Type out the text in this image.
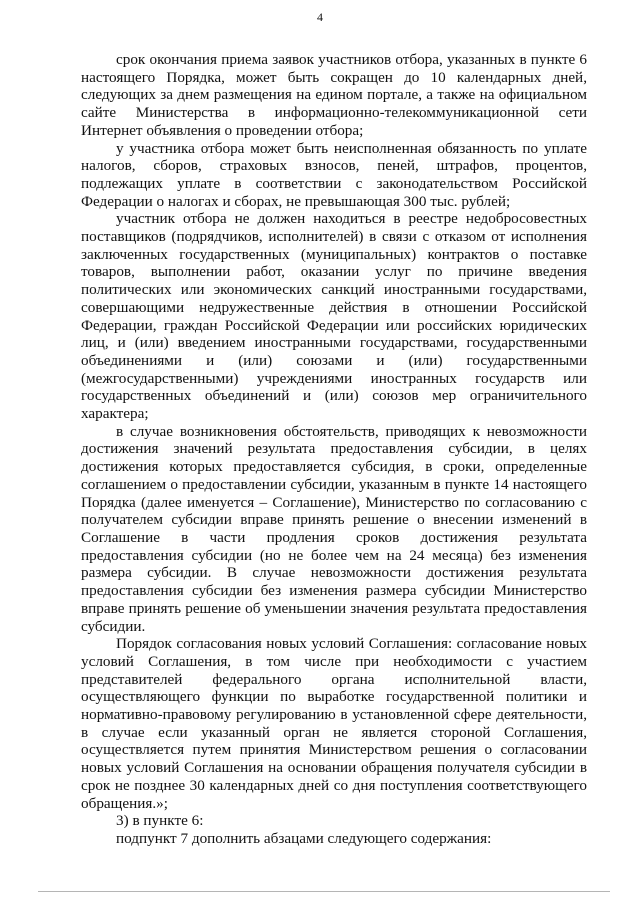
4

срок окончания приема заявок участников отбора, указанных в пункте 6 настоящего Порядка, может быть сокращен до 10 календарных дней, следующих за днем размещения на едином портале, а также на официальном сайте Министерства в информационно-телекоммуникационной сети Интернет объявления о проведении отбора;

у участника отбора может быть неисполненная обязанность по уплате налогов, сборов, страховых взносов, пеней, штрафов, процентов, подлежащих уплате в соответствии с законодательством Российской Федерации о налогах и сборах, не превышающая 300 тыс. рублей;

участник отбора не должен находиться в реестре недобросовестных поставщиков (подрядчиков, исполнителей) в связи с отказом от исполнения заключенных государственных (муниципальных) контрактов о поставке товаров, выполнении работ, оказании услуг по причине введения политических или экономических санкций иностранными государствами, совершающими недружественные действия в отношении Российской Федерации, граждан Российской Федерации или российских юридических лиц, и (или) введением иностранными государствами, государственными объединениями и (или) союзами и (или) государственными (межгосударственными) учреждениями иностранных государств или государственных объединений и (или) союзов мер ограничительного характера;

в случае возникновения обстоятельств, приводящих к невозможности достижения значений результата предоставления субсидии, в целях достижения которых предоставляется субсидия, в сроки, определенные соглашением о предоставлении субсидии, указанным в пункте 14 настоящего Порядка (далее именуется – Соглашение), Министерство по согласованию с получателем субсидии вправе принять решение о внесении изменений в Соглашение в части продления сроков достижения результата предоставления субсидии (но не более чем на 24 месяца) без изменения размера субсидии. В случае невозможности достижения результата предоставления субсидии без изменения размера субсидии Министерство вправе принять решение об уменьшении значения результата предоставления субсидии.

Порядок согласования новых условий Соглашения: согласование новых условий Соглашения, в том числе при необходимости с участием представителей федерального органа исполнительной власти, осуществляющего функции по выработке государственной политики и нормативно-правовому регулированию в установленной сфере деятельности, в случае если указанный орган не является стороной Соглашения, осуществляется путем принятия Министерством решения о согласовании новых условий Соглашения на основании обращения получателя субсидии в срок не позднее 30 календарных дней со дня поступления соответствующего обращения.»;

3) в пункте 6:

подпункт 7 дополнить абзацами следующего содержания:
